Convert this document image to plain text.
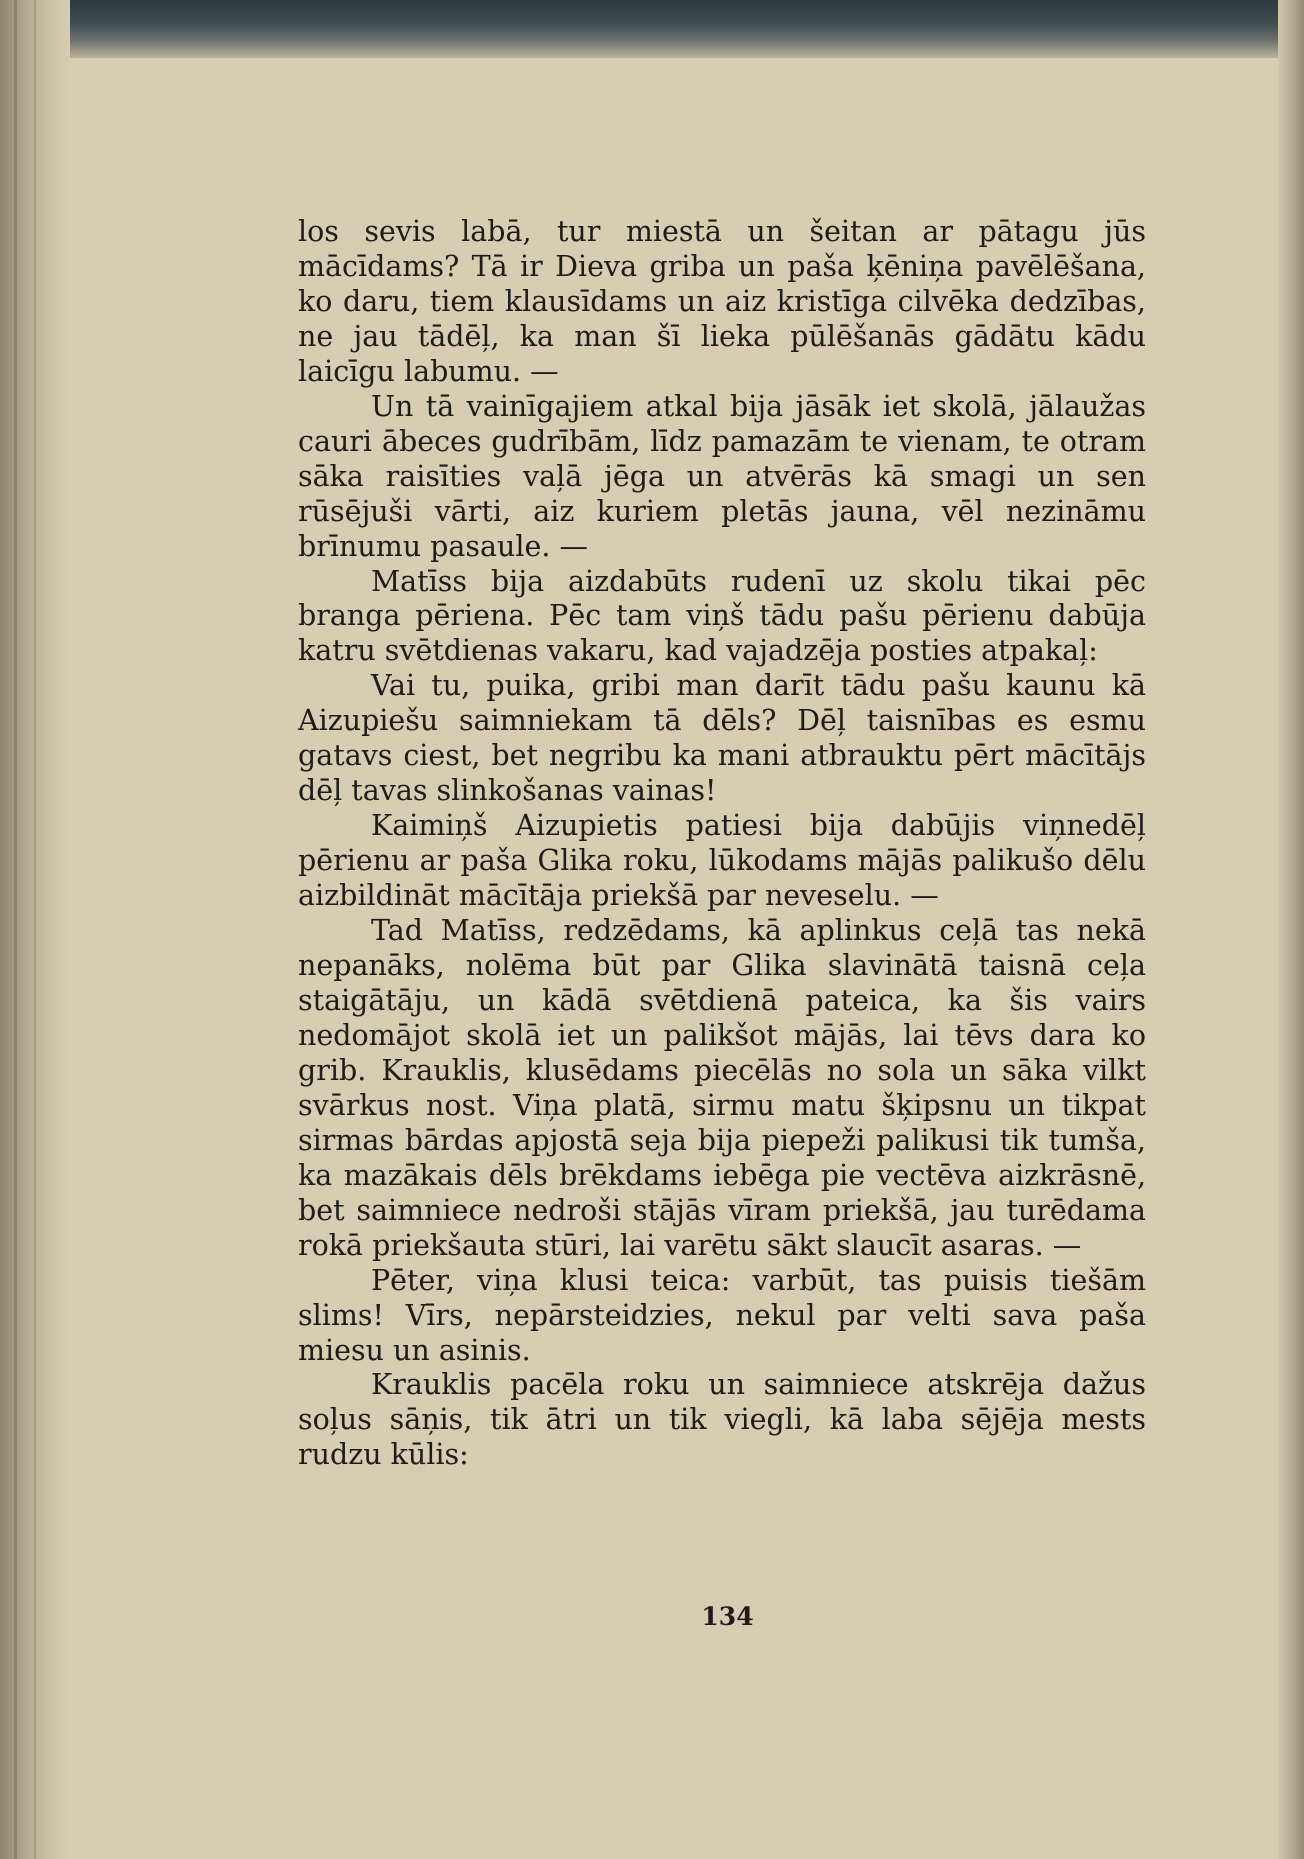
los sevis labā, tur miestā un šeitan ar pātagu jūs mācīdams? Tā ir Dieva griba un paša ķēniņa pavēlēšana, ko daru, tiem klausīdams un aiz kristīga cilvēka dedzības, ne jau tādēļ, ka man šī lieka pūlēšanās gādātu kādu laicīgu labumu. —

Un tā vainīgajiem atkal bija jāsāk iet skolā, jālaužas cauri ābeces gudrībām, līdz pamazām te vienam, te otram sāka raisīties vaļā jēga un atvērās kā smagi un sen rūsējuši vārti, aiz kuriem pletās jauna, vēl nezināmu brīnumu pasaule. —

Matīss bija aizdabūts rudenī uz skolu tikai pēc branga pēriena. Pēc tam viņš tādu pašu pērienu dabūja katru svētdienas vakaru, kad vajadzēja posties atpakaļ:

Vai tu, puika, gribi man darīt tādu pašu kaunu kā Aizupiešu saimniekam tā dēls? Dēļ taisnības es esmu gatavs ciest, bet negribu ka mani atbrauktu pērt mācītājs dēļ tavas slinkošanas vainas!

Kaimiņš Aizupietis patiesi bija dabūjis viņnedēļ pērienu ar paša Glika roku, lūkodams mājās palikušo dēlu aizbildināt mācītāja priekšā par neveselu. —

Tad Matīss, redzēdams, kā aplinkus ceļā tas nekā nepanāks, nolēma būt par Glika slavinātā taisnā ceļa staigātāju, un kādā svētdienā pateica, ka šis vairs nedomājot skolā iet un palikšot mājās, lai tēvs dara ko grib. Krauklis, klusēdams piecēlās no sola un sāka vilkt svārkus nost. Viņa platā, sirmu matu šķipsnu un tikpat sirmas bārdas apjostā seja bija piepeži palikusi tik tumša, ka mazākais dēls brēkdams iebēga pie vectēva aizkrāsnē, bet saimniece nedroši stājās vīram priekšā, jau turēdama rokā priekšauta stūri, lai varētu sākt slaucīt asaras. —

Pēter, viņa klusi teica: varbūt, tas puisis tiešām slims! Vīrs, nepārsteidzies, nekul par velti sava paša miesu un asinis.

Krauklis pacēla roku un saimniece atskrēja dažus soļus sāņis, tik ātri un tik viegli, kā laba sējēja mests rudzu kūlis:

134
